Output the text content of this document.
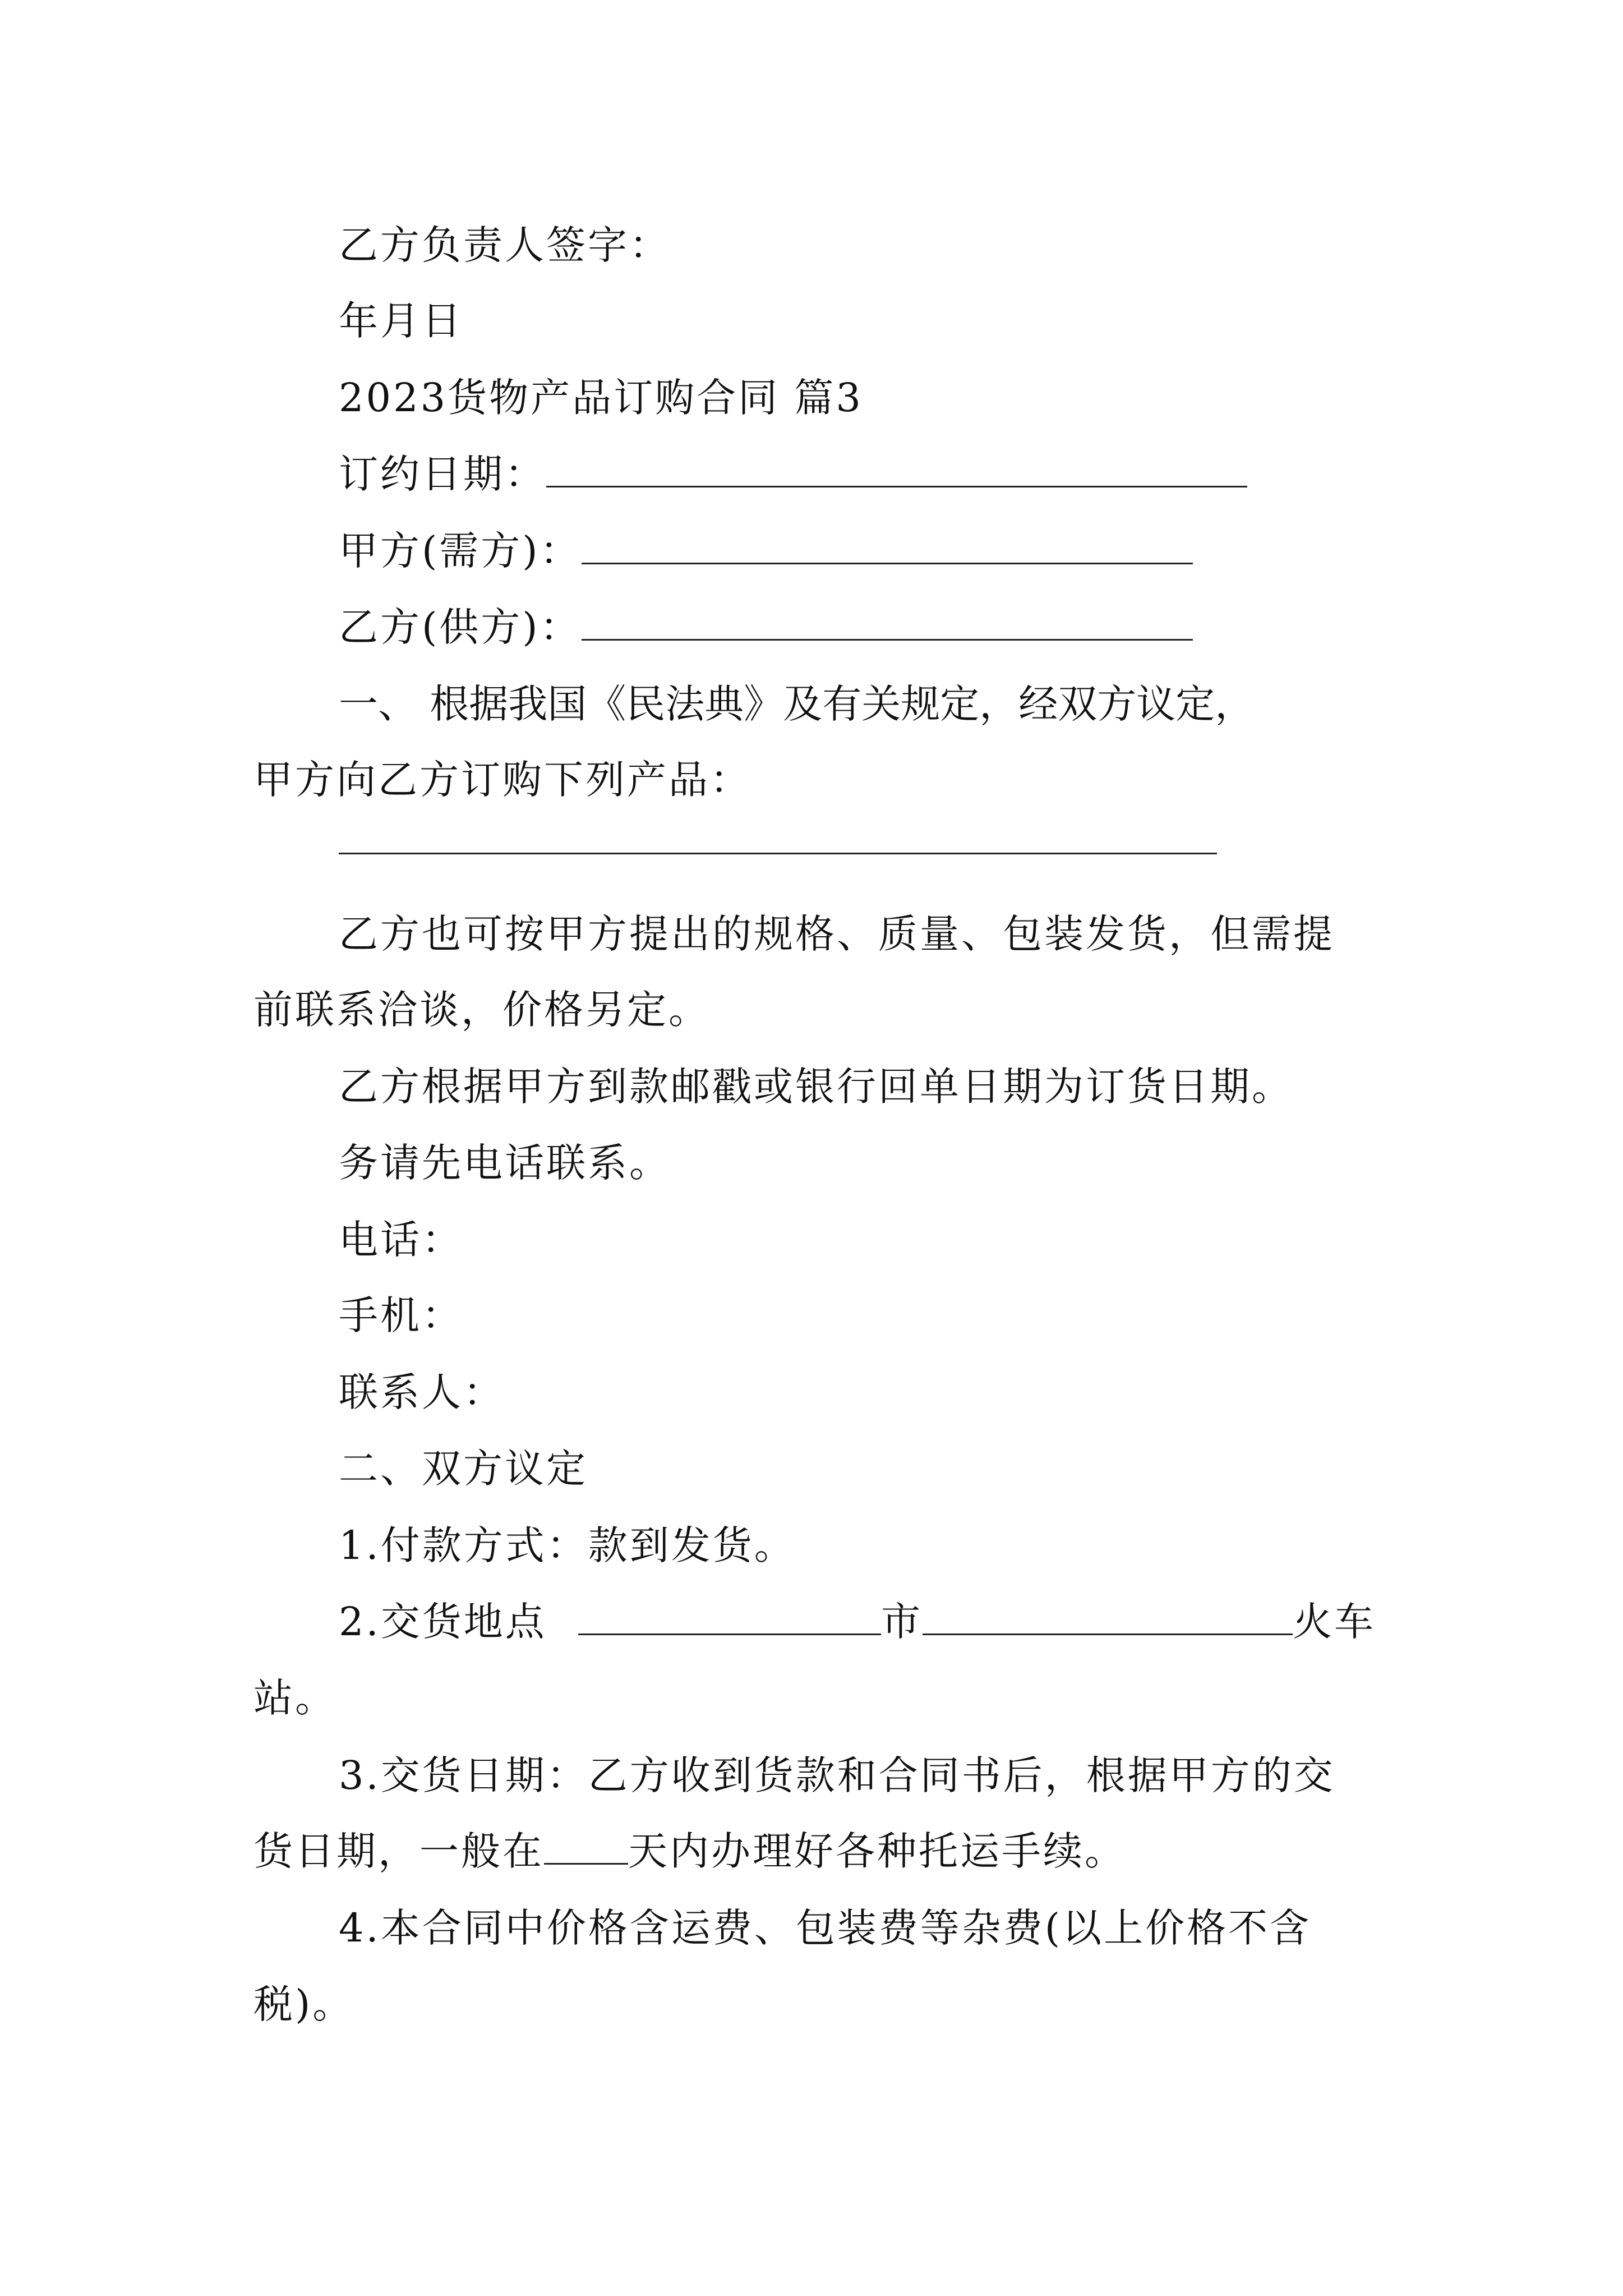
乙方负责人签字：
年月日
2023货物产品订购合同 篇3
订约日期：
甲方(需方)：
乙方(供方)：
一、 根据我国《民法典》及有关规定，经双方议定，
甲方向乙方订购下列产品：
乙方也可按甲方提出的规格、质量、包装发货，但需提
前联系洽谈，价格另定。
乙方根据甲方到款邮戳或银行回单日期为订货日期。
务请先电话联系。
电话：
手机：
联系人：
二、双方议定
1.付款方式：款到发货。
2.交货地点	市	火车
站。
3.交货日期：乙方收到货款和合同书后，根据甲方的交
货日期，一般在 天内办理好各种托运手续。
4.本合同中价格含运费、包装费等杂费(以上价格不含
税)。
